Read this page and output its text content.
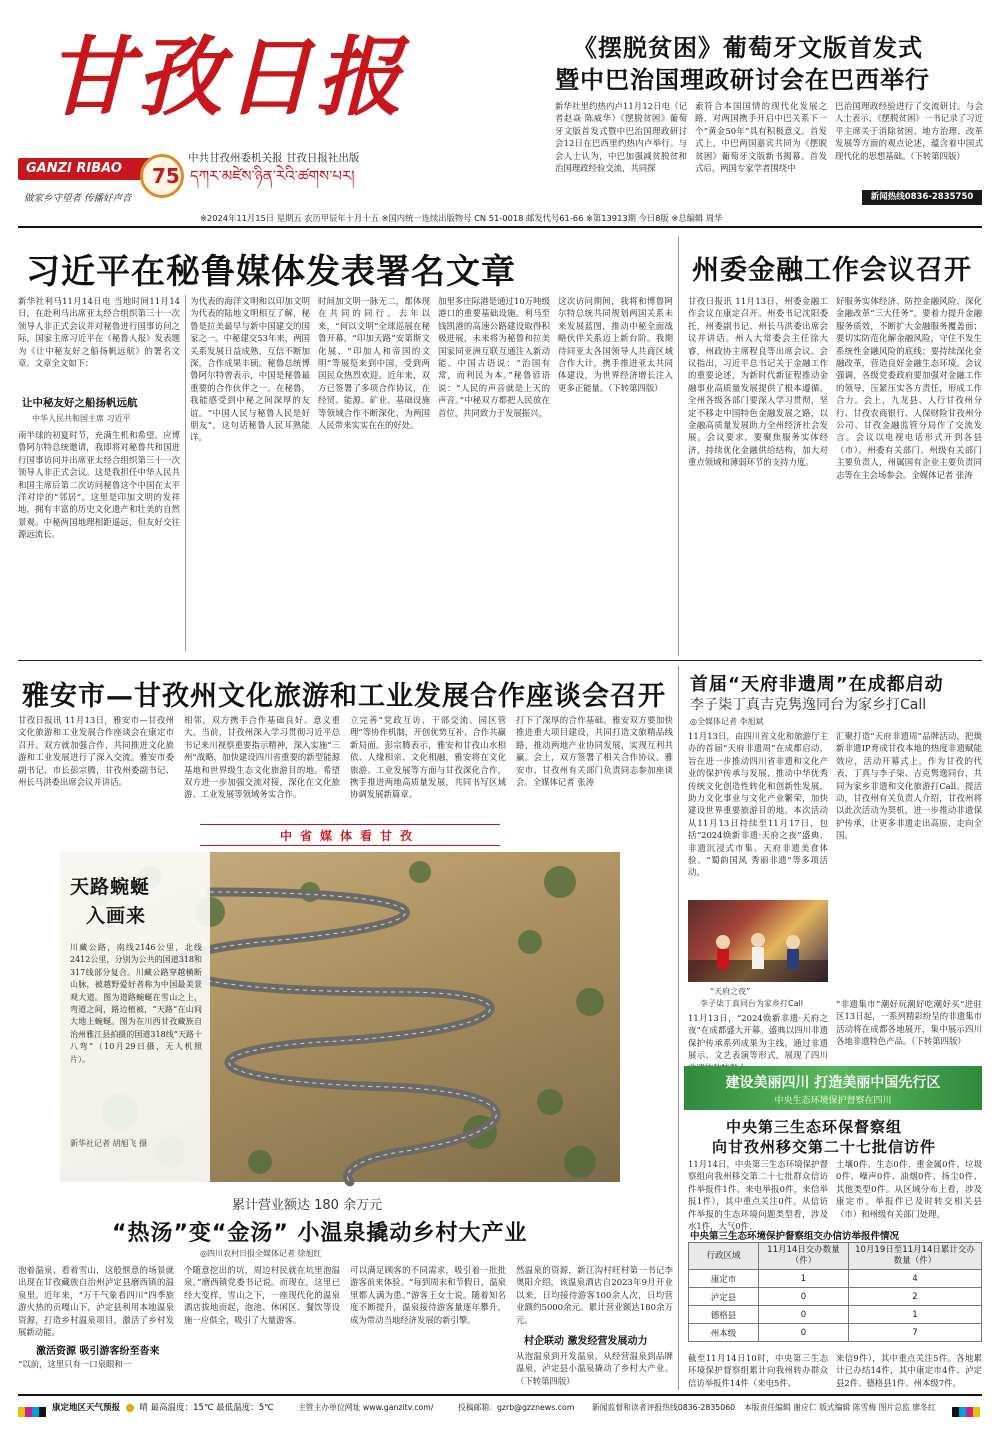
甘孜日报
中共甘孜州委机关报 甘孜日报社出版
GANZI RIBAO 75 དཀར་མཛེས་ཉིན་རེའི་ཚགས་པར།
做家乡守望者 传播好声音	新闻热线0836-2835750
※2024年11月15日 星期五 农历甲辰年十月十五 ※国内统一连续出版物号 CN 51-0018 邮发代号61-66 ※第13913期 今日8版 ※总编辑 周华
《摆脱贫困》葡萄牙文版首发式
暨中巴治国理政研讨会在巴西举行
新华社里约热内卢11月12日电（记者赵焱 陈威华）《摆脱贫困》葡萄牙文版首发式暨中巴治国理政研讨会12日在巴西里约热内卢举行。与会人士认为，中巴加强减贫脱贫和治国理政经验交流，共同探
索符合本国国情的现代化发展之路，对两国携手开启中巴关系下一个“黄金50年”具有积极意义。首发式上，中巴两国嘉宾共同为《摆脱贫困》葡萄牙文版新书揭幕。首发式后，两国专家学者围绕中
巴治国理政经验进行了交流研讨。与会人士表示，《摆脱贫困》一书记录了习近平主席关于消除贫困、地方治理、改革发展等方面的观点论述，蕴含着中国式现代化的思想基础。（下转第四版）
习近平在秘鲁媒体发表署名文章
新华社利马11月14日电 当地时间11月14日，在赴利马出席亚太经合组织第三十一次领导人非正式会议并对秘鲁进行国事访问之际，国家主席习近平在《秘鲁人报》发表题为《让中秘友好之船扬帆远航》的署名文章。文章全文如下：
让中秘友好之船扬帆远航
中华人民共和国主席 习近平
南半球的初夏时节，充满生机和希望。应博鲁阿尔特总统邀请，我即将对秘鲁共和国进行国事访问并出席亚太经合组织第三十一次领导人非正式会议。这是我担任中华人民共和国主席后第二次访问秘鲁这个中国在太平洋对岸的“邻居”。这里是印加文明的发祥地，拥有丰富的历史文化遗产和壮美的自然景观。中秘两国地理相距遥远，但友好交往源远流长。
为代表的海洋文明和以印加文明为代表的陆地文明相互了解，秘鲁是拉美最早与新中国建交的国家之一。中秘建交53年来，两国关系发展日益成熟，互信不断加深，合作成果丰硕。秘鲁总统博鲁阿尔特曾表示，中国是秘鲁最重要的合作伙伴之一。在秘鲁，我能感受到中秘之间深厚的友谊。“中国人民与秘鲁人民是好朋友”，这句话秘鲁人民耳熟能详。
时间加文明一脉无二，都体现在共同的同行。去年以来，“何以文明”全球巡展在秘鲁开幕，“印加天路”安第斯文化展、“印加人和帝国的文明”等展览来到中国，受到两国民众热烈欢迎。近年来，双方已签署了多项合作协议，在经贸、能源、矿业、基础设施等领域合作不断深化，为两国人民带来实实在在的好处。
加里多庄际港是通过10万吨级港口的重要基础设施。利马至钱凯港的高速公路建设取得积极进展，未来将为秘鲁和拉美国家同亚洲互联互通注入新动能。中国古语说：“治国有常，而利民为本。”秘鲁谚语说：“人民的声音就是上天的声音。”中秘双方都把人民放在首位，共同致力于发展振兴。
这次访问期间，我将和博鲁阿尔特总统共同规划两国关系未来发展蓝图，推动中秘全面战略伙伴关系迈上新台阶。我期待同亚太各国领导人共商区域合作大计，携手推进亚太共同体建设，为世界经济增长注入更多正能量。（下转第四版）
州委金融工作会议召开
甘孜日报讯 11月13日，州委金融工作会议在康定召开。州委书记沈阳委托，州委副书记、州长马洪委出席会议并讲话。州人大常委会主任徐大睿，州政协主席程良等出席会议。会议指出，习近平总书记关于金融工作的重要论述，为新时代新征程推动金融事业高质量发展提供了根本遵循。全州各级各部门要深入学习贯彻，坚定不移走中国特色金融发展之路，以金融高质量发展助力全州经济社会发展。会议要求，要聚焦服务实体经济，持续优化金融供给结构，加大对重点领域和薄弱环节的支持力度。
好服务实体经济、防控金融风险、深化金融改革“三大任务”。要着力提升金融服务质效，不断扩大金融服务覆盖面；要切实防范化解金融风险，守住不发生系统性金融风险的底线；要持续深化金融改革，营造良好金融生态环境。会议强调，各级党委政府要加强对金融工作的领导，压紧压实各方责任，形成工作合力。会上，九龙县、人行甘孜州分行、甘孜农商银行、人保财险甘孜州分公司、甘孜金融监管分局作了交流发言。会议以电视电话形式开到各县（市）。州委有关部门、州级有关部门主要负责人，州属国有企业主要负责同志等在主会场参会。全媒体记者 张涛
雅安市—甘孜州文化旅游和工业发展合作座谈会召开
甘孜日报讯 11月13日，雅安市—甘孜州文化旅游和工业发展合作座谈会在康定市召开。双方就加强合作、共同推进文化旅游和工业发展进行了深入交流。雅安市委副书记、市长彭宗腾，甘孜州委副书记、州长马洪委出席会议并讲话。
相邻，双方携手合作基础良好、意义重大。当前，甘孜州深入学习贯彻习近平总书记来川视察重要指示精神，深入实施“三州”战略，加快建设四川省重要的新型能源基地和世界级生态文化旅游目的地。希望双方进一步加强交流对接，深化在文化旅游、工业发展等领域务实合作。
立完善“党政互访、干部交流、园区管理”等协作机制，开创优势互补、合作共赢新局面。彭宗腾表示，雅安和甘孜山水相依、人缘相亲、文化相融，雅安将在文化旅游、工业发展等方面与甘孜深化合作，携手推进两地高质量发展，共同书写区域协调发展新篇章。
打下了深厚的合作基础。雅安双方要加快推进重大项目建设，共同打造文旅精品线路，推动两地产业协同发展，实现互利共赢。会上，双方签署了相关合作协议。雅安市、甘孜州有关部门负责同志参加座谈会。全媒体记者 张涛
中省媒体看甘孜
天路蜿蜒
入画来
川藏公路，南线2146公里，北线2412公里，分别为公共的国道318和317线部分复合。川藏公路穿越横断山脉，被越野爱好者称为中国最美景观大道。图为道路蜿蜒在雪山之上，弯道之间，路边植被，“天路”在山间大地上蜿蜒。图为在川西甘孜藏族自治州雅江县拍摄的国道318线“天路十八弯”（10月29日摄，无人机照片）。
新华社记者 胡旭飞 摄
累计营业额达 180 余万元
“热汤”变“金汤” 小温泉撬动乡村大产业
◎四川农村日报全媒体记者 徐旭红
泡着温泉、看着雪山，这般惬意的场景就出现在甘孜藏族自治州泸定县磨西镇的温泉里。近年来，“万千气象看四川”四季旅游火热的贡嘎山下，泸定县利用本地温泉资源，打造乡村温泉项目，激活了乡村发展新动能。
激活资源 吸引游客纷至沓来
“以前，这里只有一口泉眼和一
个随意挖出的坑，周边村民就在坑里泡温泉。”磨西镇党委书记说。而现在，这里已经大变样，雪山之下，一座现代化的温泉酒店拔地而起，泡池、休闲区、餐饮等设施一应俱全，吸引了大量游客。
可以满足顾客的不同需求，吸引着一批批游客前来体验。“每到周末和节假日，温泉里都人满为患。”游客王女士说。随着知名度不断提升，温泉接待游客量逐年攀升，成为带动当地经济发展的新引擎。
然温泉的资源，新江沟村旺村第一书记李奥阳介绍，该温泉酒店自2023年9月开业以来，日均接待游客100余人次，日均营业额约5000余元。累计营业额达180余万元。
村企联动 激发经营发展动力
从泡温泉到开发温泉，从经营温泉到品牌温泉，泸定县小温泉撬动了乡村大产业。（下转第四版）
首届“天府非遗周”在成都启动
李子柒丁真吉克隽逸同台为家乡打Call
◎全媒体记者 李旭斌
11月13日，由四川省文化和旅游厅主办的首届“天府非遗周”在成都启动，旨在进一步推动四川省非遗和文化产业的保护传承与发展，推动中华优秀传统文化创造性转化和创新性发展，助力文化事业与文化产业繁荣，加快建设世界重要旅游目的地。本次活动从11月13日持续至11月17日，包括“2024焕新非遗·天府之夜”盛典、非遗沉浸式市集、天府非遗美食体验、“蜀韵国风 秀丽非遗”等多项活动。
“天府之夜”
李子柒丁真同台为家乡打Call
11月13日，“2024焕新非遗·天府之夜”在成都盛大开幕。盛典以四川非遗保护传承系列成果为主线，通过非遗展示、文艺表演等形式，展现了四川
汇聚打造“天府非遗周”品牌活动，把焕新非遗IP育成甘孜本地的热度非遗赋能效应，活动开幕式上，作为甘孜的代表，丁真与李子柒、吉克隽逸同台，共同为家乡非遗和文化旅游打Call。提活动，甘孜州有关负责人介绍，甘孜州将以此次活动为契机，进一步推动非遗保护传承，让更多非遗走出高原、走向全国。
“非遗集市”潮好玩潮好吃潮好买“进驻区13日起，一系列精彩纷呈的非遗集市活动将在成都各地展开，集中展示四川各地非遗特色产品。（下转第四版）
建设美丽四川 打造美丽中国先行区
中央生态环境保护督察在四川
中央第三生态环保督察组
向甘孜州移交第二十七批信访件
11月14日，中央第三生态环境保护督察组向我州移交第二十七批群众信访件举报件1件，来电举报0件，来信举报1件），其中重点关注0件。从信访件举报的生态环境问题类型看，涉及水1件，大气0件、
土壤0件、生态0件、重金属0件、垃圾0件、噪声0件、油烟0件、扬尘0件、其他类型0件。从区域分布上看，涉及康定市。举报件已及时转交相关县（市）和州级有关部门处理。
中央第三生态环境保护督察组交办信访举报件情况
行政区域	11月14日交办数量（件）	10月19日至11月14日累计交办数量（件）
康定市	1	4
泸定县	0	2
德格县	0	1
州本级	0	7
截至11月14日10时，中央第三生态环境保护督察组累计向我州转办群众信访举报件14件（来电5件、
来信9件），其中重点关注5件。各地累计已办结14件，其中康定市4件、泸定县2件、德格县1件、州本级7件。
康定地区天气预报 晴 最高温度：15℃ 最低温度：5℃	主管主办单位网址 www.ganzitv.com/	投稿邮箱：gzrb@gzznews.com 新闻监督和读者评报热线0836-2835060 本版责任编辑 谢应仁 版式编辑 陈雪梅 图片总监 廖冬红
